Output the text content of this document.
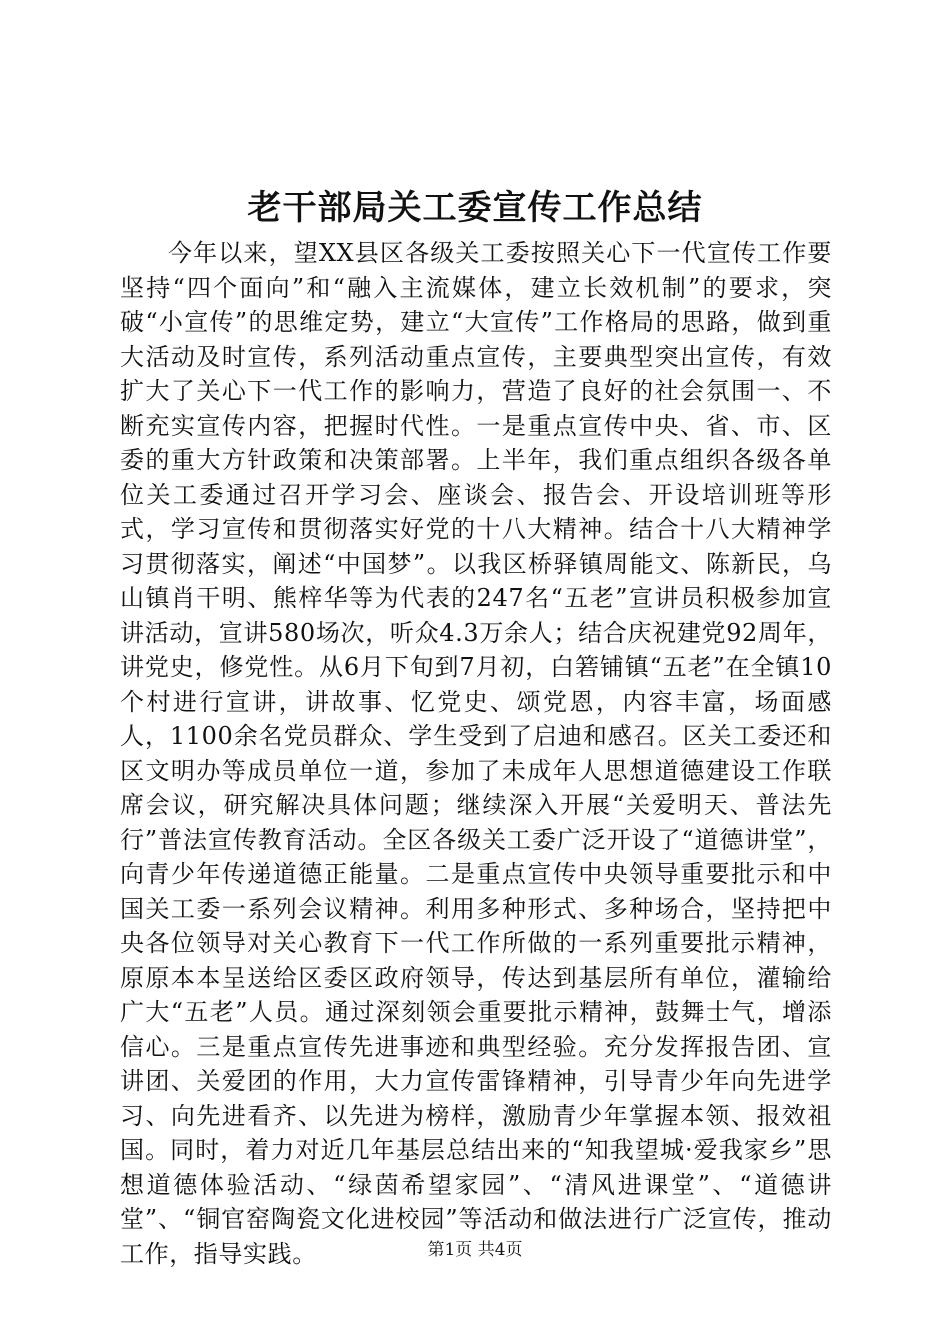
老干部局关工委宣传工作总结

今年以来，望XX县区各级关工委按照关心下一代宣传工作要坚持“四个面向”和“融入主流媒体，建立长效机制”的要求，突破“小宣传”的思维定势，建立“大宣传”工作格局的思路，做到重大活动及时宣传，系列活动重点宣传，主要典型突出宣传，有效扩大了关心下一代工作的影响力，营造了良好的社会氛围一、不断充实宣传内容，把握时代性。一是重点宣传中央、省、市、区委的重大方针政策和决策部署。上半年，我们重点组织各级各单位关工委通过召开学习会、座谈会、报告会、开设培训班等形式，学习宣传和贯彻落实好党的十八大精神。结合十八大精神学习贯彻落实，阐述“中国梦”。以我区桥驿镇周能文、陈新民，乌山镇肖干明、熊梓华等为代表的247名“五老”宣讲员积极参加宣讲活动，宣讲580场次，听众4.3万余人；结合庆祝建党92周年，讲党史，修党性。从6月下旬到7月初，白箬铺镇“五老”在全镇10个村进行宣讲，讲故事、忆党史、颂党恩，内容丰富，场面感人，1100余名党员群众、学生受到了启迪和感召。区关工委还和区文明办等成员单位一道，参加了未成年人思想道德建设工作联席会议，研究解决具体问题；继续深入开展“关爱明天、普法先行”普法宣传教育活动。全区各级关工委广泛开设了“道德讲堂”，向青少年传递道德正能量。二是重点宣传中央领导重要批示和中国关工委一系列会议精神。利用多种形式、多种场合，坚持把中央各位领导对关心教育下一代工作所做的一系列重要批示精神，原原本本呈送给区委区政府领导，传达到基层所有单位，灌输给广大“五老”人员。通过深刻领会重要批示精神，鼓舞士气，增添信心。三是重点宣传先进事迹和典型经验。充分发挥报告团、宣讲团、关爱团的作用，大力宣传雷锋精神，引导青少年向先进学习、向先进看齐、以先进为榜样，激励青少年掌握本领、报效祖国。同时，着力对近几年基层总结出来的“知我望城·爱我家乡”思想道德体验活动、“绿茵希望家园”、“清风进课堂”、“道德讲堂”、“铜官窑陶瓷文化进校园”等活动和做法进行广泛宣传，推动工作，指导实践。	第1页 共4页
